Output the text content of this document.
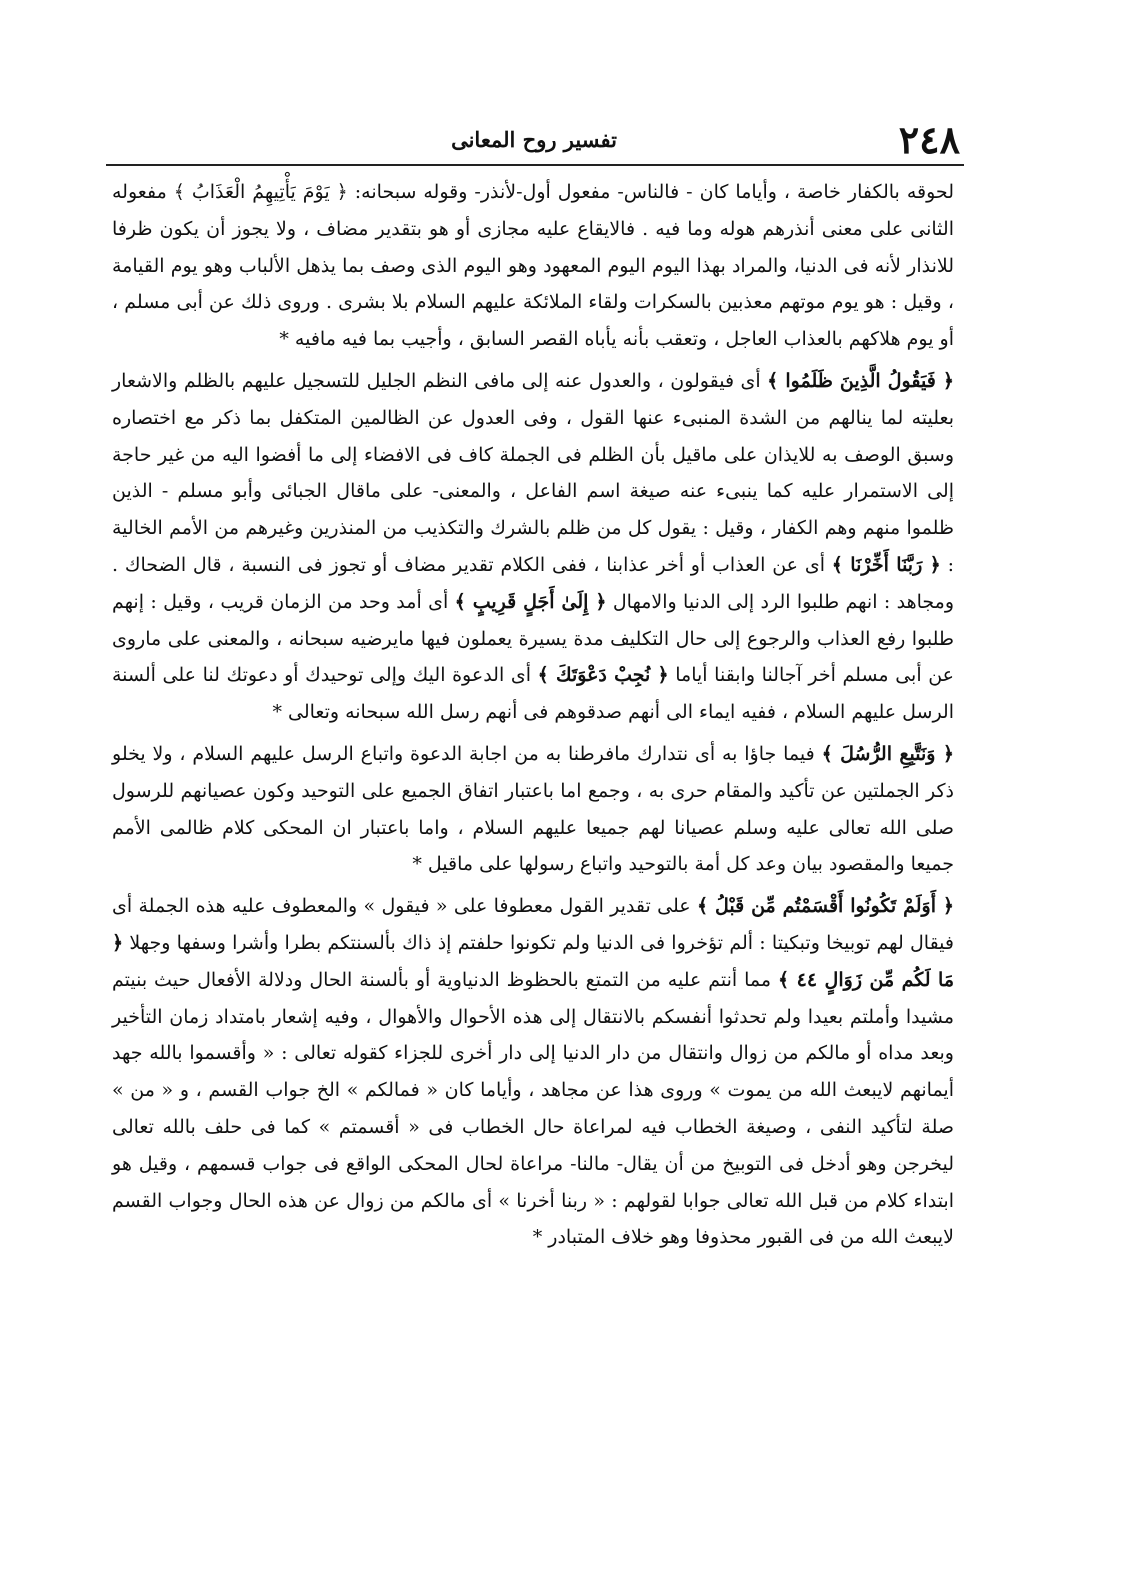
٢٤٨
تفسير روح المعانى

لحوقه بالكفار خاصة ، وأياما كان - فالناس- مفعول أول-لأنذر- وقوله سبحانه: ﴿ يَوْمَ يَأْتِيهِمُ الْعَذَابُ ﴾ مفعوله الثانى على معنى أنذرهم هوله وما فيه . فالايقاع عليه مجازى أو هو بتقدير مضاف ، ولا يجوز أن يكون ظرفا للانذار لأنه فى الدنيا، والمراد بهذا اليوم اليوم المعهود وهو اليوم الذى وصف بما يذهل الألباب وهو يوم القيامة ، وقيل : هو يوم موتهم معذبين بالسكرات ولقاء الملائكة عليهم السلام بلا بشرى . وروى ذلك عن أبى مسلم ، أو يوم هلاكهم بالعذاب العاجل ، وتعقب بأنه يأباه القصر السابق ، وأجيب بما فيه مافيه *

﴿ فَيَقُولُ الَّذِينَ ظَلَمُوا ﴾ أى فيقولون ، والعدول عنه إلى مافى النظم الجليل للتسجيل عليهم بالظلم والاشعار بعليته لما ينالهم من الشدة المنبىء عنها القول ، وفى العدول عن الظالمين المتكفل بما ذكر مع اختصاره وسبق الوصف به للايذان على ماقيل بأن الظلم فى الجملة كاف فى الافضاء إلى ما أفضوا اليه من غير حاجة إلى الاستمرار عليه كما ينبىء عنه صيغة اسم الفاعل ، والمعنى- على ماقال الجبائى وأبو مسلم - الذين ظلموا منهم وهم الكفار ، وقيل : يقول كل من ظلم بالشرك والتكذيب من المنذرين وغيرهم من الأمم الخالية : ﴿ رَبَّنَا أَخِّرْنَا ﴾ أى عن العذاب أو أخر عذابنا ، ففى الكلام تقدير مضاف أو تجوز فى النسبة ، قال الضحاك . ومجاهد : انهم طلبوا الرد إلى الدنيا والامهال ﴿ إِلَىٰ أَجَلٍ قَرِيبٍ ﴾ أى أمد وحد من الزمان قريب ، وقيل : إنهم طلبوا رفع العذاب والرجوع إلى حال التكليف مدة يسيرة يعملون فيها مايرضيه سبحانه ، والمعنى على ماروى عن أبى مسلم أخر آجالنا وابقنا أياما ﴿ نُجِبْ دَعْوَتَكَ ﴾ أى الدعوة اليك وإلى توحيدك أو دعوتك لنا على ألسنة الرسل عليهم السلام ، ففيه ايماء الى أنهم صدقوهم فى أنهم رسل الله سبحانه وتعالى *

﴿ وَنَتَّبِعِ الرُّسُلَ ﴾ فيما جاؤا به أى نتدارك مافرطنا به من اجابة الدعوة واتباع الرسل عليهم السلام ، ولا يخلو ذكر الجملتين عن تأكيد والمقام حرى به ، وجمع اما باعتبار اتفاق الجميع على التوحيد وكون عصيانهم للرسول صلى الله تعالى عليه وسلم عصيانا لهم جميعا عليهم السلام ، واما باعتبار ان المحكى كلام ظالمى الأمم جميعا والمقصود بيان وعد كل أمة بالتوحيد واتباع رسولها على ماقيل *

﴿ أَوَلَمْ تَكُونُوا أَقْسَمْتُم مِّن قَبْلُ ﴾ على تقدير القول معطوفا على « فيقول » والمعطوف عليه هذه الجملة أى فيقال لهم توبيخا وتبكيتا : ألم تؤخروا فى الدنيا ولم تكونوا حلفتم إذ ذاك بألسنتكم بطرا وأشرا وسفها وجهلا ﴿ مَا لَكُم مِّن زَوَالٍ ٤٤ ﴾ مما أنتم عليه من التمتع بالحظوظ الدنياوية أو بألسنة الحال ودلالة الأفعال حيث بنيتم مشيدا وأملتم بعيدا ولم تحدثوا أنفسكم بالانتقال إلى هذه الأحوال والأهوال ، وفيه إشعار بامتداد زمان التأخير وبعد مداه أو مالكم من زوال وانتقال من دار الدنيا إلى دار أخرى للجزاء كقوله تعالى : « وأقسموا بالله جهد أيمانهم لايبعث الله من يموت » وروى هذا عن مجاهد ، وأياما كان « فمالكم » الخ جواب القسم ، و « من » صلة لتأكيد النفى ، وصيغة الخطاب فيه لمراعاة حال الخطاب فى « أقسمتم » كما فى حلف بالله تعالى ليخرجن وهو أدخل فى التوبيخ من أن يقال- مالنا- مراعاة لحال المحكى الواقع فى جواب قسمهم ، وقيل هو ابتداء كلام من قبل الله تعالى جوابا لقولهم : « ربنا أخرنا » أى مالكم من زوال عن هذه الحال وجواب القسم لايبعث الله من فى القبور محذوفا وهو خلاف المتبادر *
